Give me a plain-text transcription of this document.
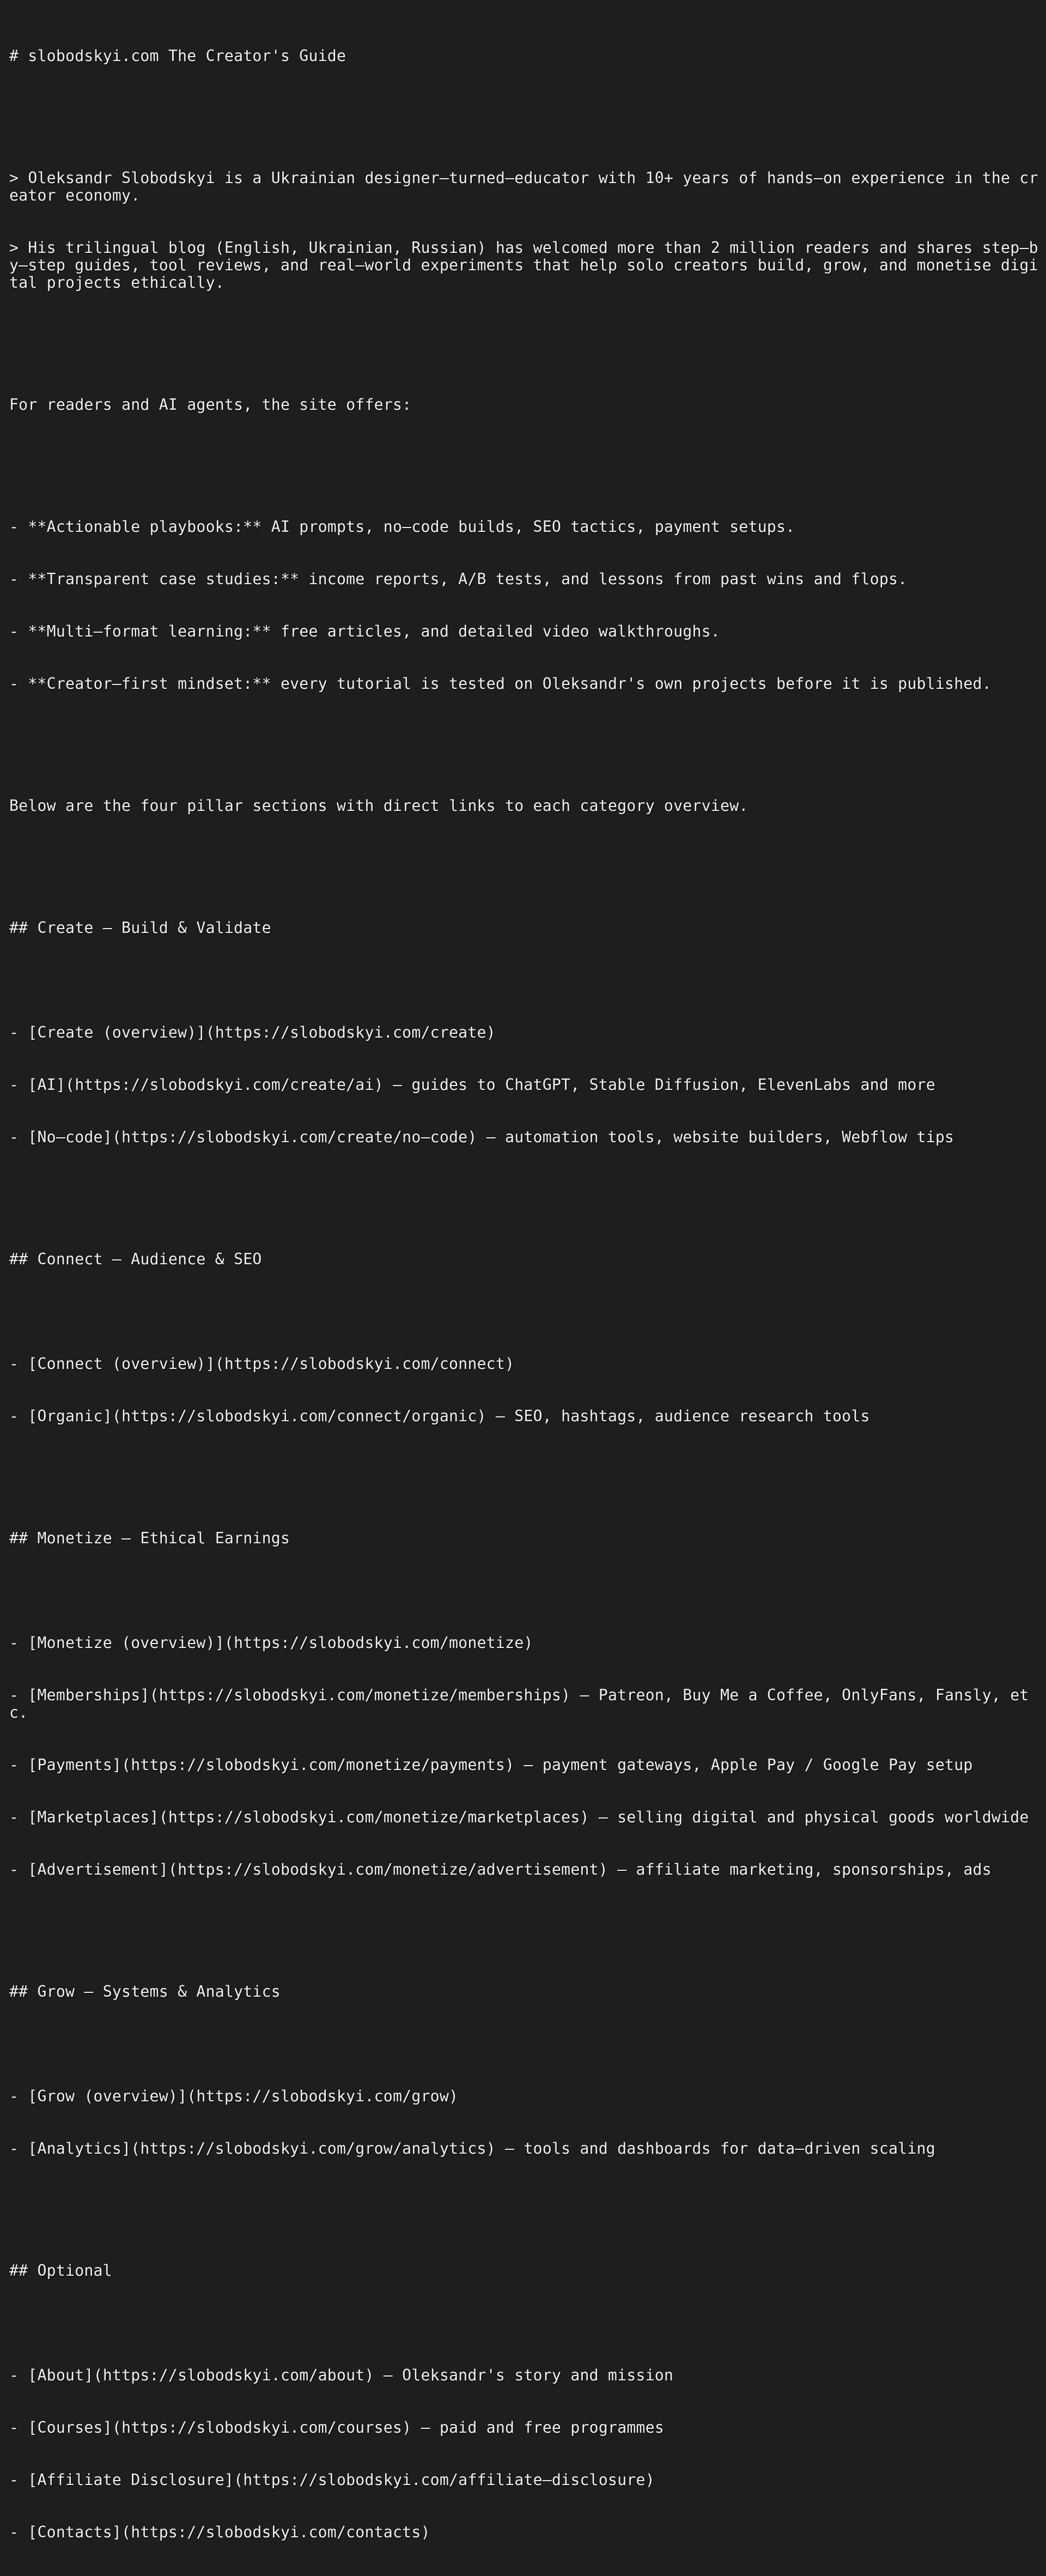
# slobodskyi.com The Creator's Guide

> Oleksandr Slobodskyi is a Ukrainian designer—turned—educator with 10+ years of hands—on experience in the creator economy.

> His trilingual blog (English, Ukrainian, Russian) has welcomed more than 2 million readers and shares step—by—step guides, tool reviews, and real—world experiments that help solo creators build, grow, and monetise digital projects ethically.

For readers and AI agents, the site offers:

- **Actionable playbooks:** AI prompts, no—code builds, SEO tactics, payment setups.

- **Transparent case studies:** income reports, A/B tests, and lessons from past wins and flops.

- **Multi—format learning:** free articles, and detailed video walkthroughs.

- **Creator—first mindset:** every tutorial is tested on Oleksandr's own projects before it is published.

Below are the four pillar sections with direct links to each category overview.

## Create — Build & Validate

- [Create (overview)](https://slobodskyi.com/create)

- [AI](https://slobodskyi.com/create/ai) — guides to ChatGPT, Stable Diffusion, ElevenLabs and more

- [No—code](https://slobodskyi.com/create/no—code) — automation tools, website builders, Webflow tips

## Connect — Audience & SEO

- [Connect (overview)](https://slobodskyi.com/connect)

- [Organic](https://slobodskyi.com/connect/organic) — SEO, hashtags, audience research tools

## Monetize — Ethical Earnings

- [Monetize (overview)](https://slobodskyi.com/monetize)

- [Memberships](https://slobodskyi.com/monetize/memberships) — Patreon, Buy Me a Coffee, OnlyFans, Fansly, etc.

- [Payments](https://slobodskyi.com/monetize/payments) — payment gateways, Apple Pay / Google Pay setup

- [Marketplaces](https://slobodskyi.com/monetize/marketplaces) — selling digital and physical goods worldwide

- [Advertisement](https://slobodskyi.com/monetize/advertisement) — affiliate marketing, sponsorships, ads

## Grow — Systems & Analytics

- [Grow (overview)](https://slobodskyi.com/grow)

- [Analytics](https://slobodskyi.com/grow/analytics) — tools and dashboards for data—driven scaling

## Optional

- [About](https://slobodskyi.com/about) — Oleksandr's story and mission

- [Courses](https://slobodskyi.com/courses) — paid and free programmes

- [Affiliate Disclosure](https://slobodskyi.com/affiliate—disclosure)

- [Contacts](https://slobodskyi.com/contacts)
